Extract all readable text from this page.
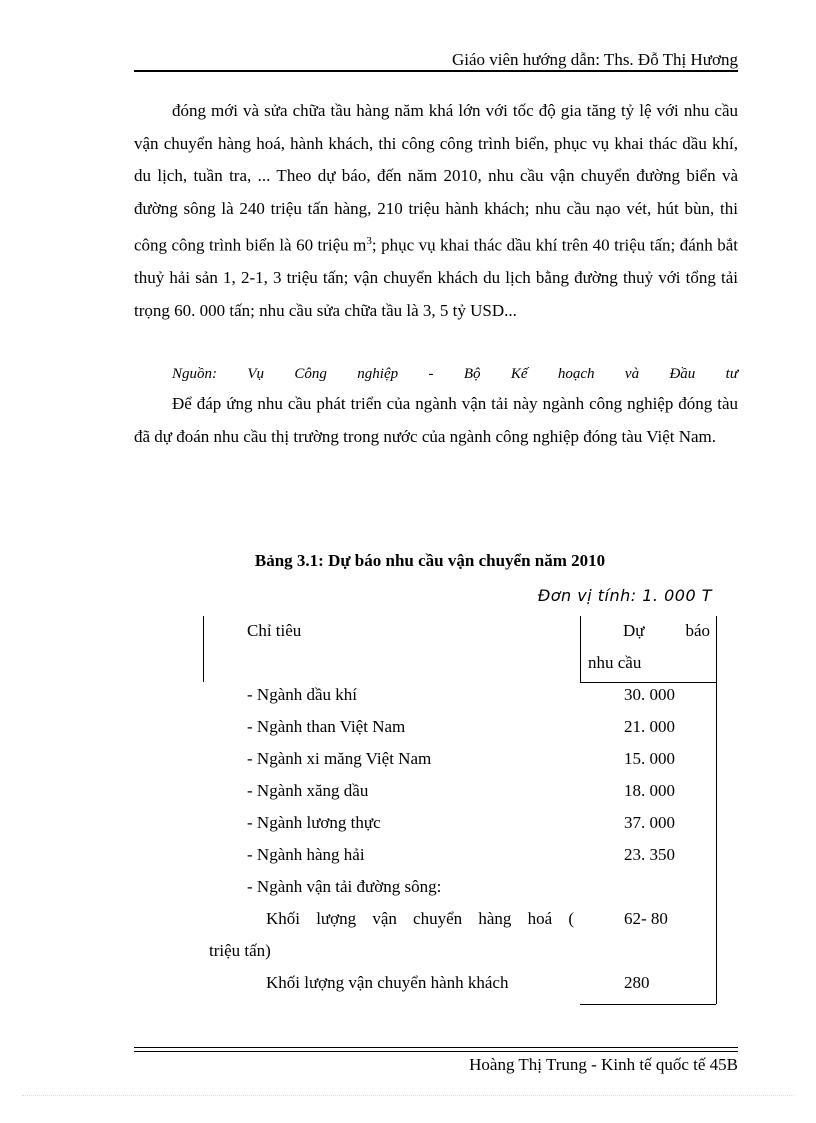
Giáo viên hướng dẫn: Ths. Đỗ Thị Hương

đóng mới và sửa chữa tầu hàng năm khá lớn với tốc độ gia tăng tỷ lệ với nhu cầu vận chuyển hàng hoá, hành khách, thi công công trình biển, phục vụ khai thác dầu khí, du lịch, tuần tra, ... Theo dự báo, đến năm 2010, nhu cầu vận chuyển đường biển và đường sông là 240 triệu tấn hàng, 210 triệu hành khách; nhu cầu nạo vét, hút bùn, thi công công trình biển là 60 triệu $m^3$; phục vụ khai thác dầu khí trên 40 triệu tấn; đánh bắt thuỷ hải sản 1, 2-1, 3 triệu tấn; vận chuyển khách du lịch bằng đường thuỷ với tổng tải trọng 60. 000 tấn; nhu cầu sửa chữa tầu là 3, 5 tỷ USD...

Nguồn: Vụ Công nghiệp - Bộ Kế hoạch và Đầu tư

Để đáp ứng nhu cầu phát triển của ngành vận tải này ngành công nghiệp đóng tàu đã dự đoán nhu cầu thị trường trong nước của ngành công nghiệp đóng tàu Việt Nam.

Bảng 3.1: Dự báo nhu cầu vận chuyển năm 2010

Đơn vị tính: 1. 000 T
Chỉ tiêu	Dự báo
nhu cầu
- Ngành dầu khí	30. 000
- Ngành than Việt Nam	21. 000
- Ngành xi măng Việt Nam	15. 000
- Ngành xăng dầu	18. 000
- Ngành lương thực	37. 000
- Ngành hàng hải	23. 350
- Ngành vận tải đường sông:
Khối lượng vận chuyển hàng hoá (	62- 80
triệu tấn)
Khối lượng vận chuyển hành khách	280
Hoàng Thị Trung - Kinh tế quốc tế 45B
